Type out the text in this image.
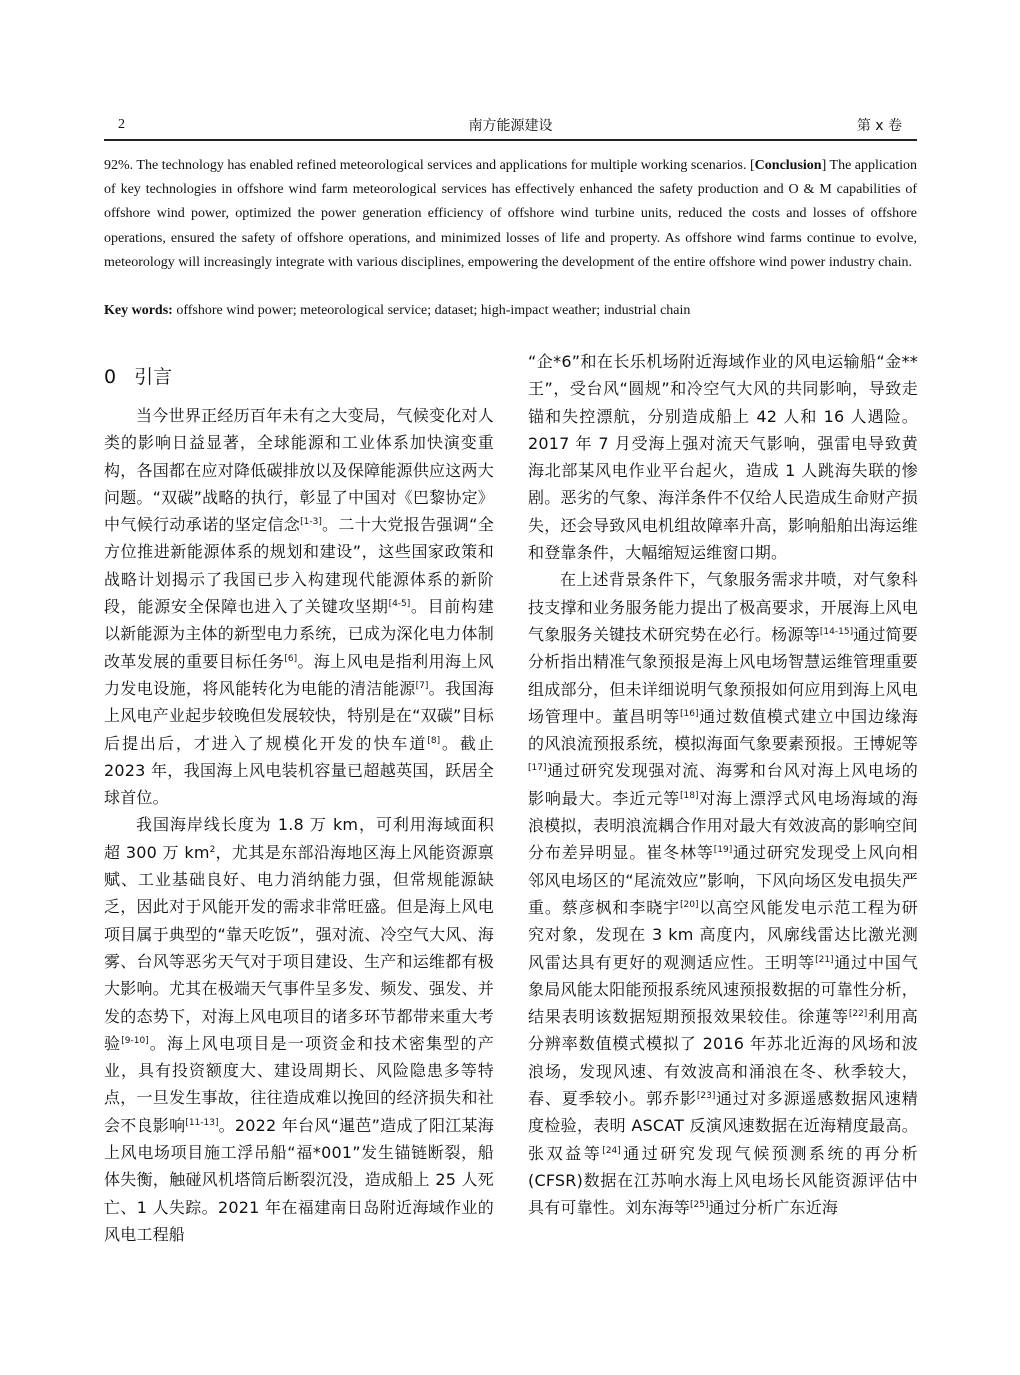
2	南方能源建设	第 x 卷
92%. The technology has enabled refined meteorological services and applications for multiple working scenarios. [Conclusion] The application of key technologies in offshore wind farm meteorological services has effectively enhanced the safety production and O & M capabilities of offshore wind power, optimized the power generation efficiency of offshore wind turbine units, reduced the costs and losses of offshore operations, ensured the safety of offshore operations, and minimized losses of life and property. As offshore wind farms continue to evolve, meteorology will increasingly integrate with various disciplines, empowering the development of the entire offshore wind power industry chain.
Key words: offshore wind power; meteorological service; dataset; high-impact weather; industrial chain
0 引言

当今世界正经历百年未有之大变局，气候变化对人类的影响日益显著，全球能源和工业体系加快演变重构，各国都在应对降低碳排放以及保障能源供应这两大问题。“双碳”战略的执行，彰显了中国对《巴黎协定》中气候行动承诺的坚定信念[1-3]。二十大党报告强调“全方位推进新能源体系的规划和建设”，这些国家政策和战略计划揭示了我国已步入构建现代能源体系的新阶段，能源安全保障也进入了关键攻坚期[4-5]。目前构建以新能源为主体的新型电力系统，已成为深化电力体制改革发展的重要目标任务[6]。海上风电是指利用海上风力发电设施，将风能转化为电能的清洁能源[7]。我国海上风电产业起步较晚但发展较快，特别是在“双碳”目标后提出后，才进入了规模化开发的快车道[8]。截止 2023 年，我国海上风电装机容量已超越英国，跃居全球首位。

我国海岸线长度为 1.8 万 km，可利用海域面积超 300 万 $km^2$，尤其是东部沿海地区海上风能资源禀赋、工业基础良好、电力消纳能力强，但常规能源缺乏，因此对于风能开发的需求非常旺盛。但是海上风电项目属于典型的“靠天吃饭”，强对流、冷空气大风、海雾、台风等恶劣天气对于项目建设、生产和运维都有极大影响。尤其在极端天气事件呈多发、频发、强发、并发的态势下，对海上风电项目的诸多环节都带来重大考验[9-10]。海上风电项目是一项资金和技术密集型的产业，具有投资额度大、建设周期长、风险隐患多等特点，一旦发生事故，往往造成难以挽回的经济损失和社会不良影响[11-13]。2022 年台风“暹芭”造成了阳江某海上风电场项目施工浮吊船“福*001”发生锚链断裂，船体失衡，触碰风机塔筒后断裂沉没，造成船上 25 人死亡、1 人失踪。2021 年在福建南日岛附近海域作业的风电工程船

“企*6”和在长乐机场附近海域作业的风电运输船“金**王”，受台风“圆规”和冷空气大风的共同影响，导致走锚和失控漂航，分别造成船上 42 人和 16 人遇险。2017 年 7 月受海上强对流天气影响，强雷电导致黄海北部某风电作业平台起火，造成 1 人跳海失联的惨剧。恶劣的气象、海洋条件不仅给人民造成生命财产损失，还会导致风电机组故障率升高，影响船舶出海运维和登靠条件，大幅缩短运维窗口期。

在上述背景条件下，气象服务需求井喷，对气象科技支撑和业务服务能力提出了极高要求，开展海上风电气象服务关键技术研究势在必行。杨源等[14-15]通过简要分析指出精准气象预报是海上风电场智慧运维管理重要组成部分，但未详细说明气象预报如何应用到海上风电场管理中。董昌明等[16]通过数值模式建立中国边缘海的风浪流预报系统，模拟海面气象要素预报。王博妮等[17]通过研究发现强对流、海雾和台风对海上风电场的影响最大。李近元等[18]对海上漂浮式风电场海域的海浪模拟，表明浪流耦合作用对最大有效波高的影响空间分布差异明显。崔冬林等[19]通过研究发现受上风向相邻风电场区的“尾流效应”影响，下风向场区发电损失严重。蔡彦枫和李晓宇[20]以高空风能发电示范工程为研究对象，发现在 3 km 高度内，风廓线雷达比激光测风雷达具有更好的观测适应性。王明等[21]通过中国气象局风能太阳能预报系统风速预报数据的可靠性分析，结果表明该数据短期预报效果较佳。徐蓮等[22]利用高分辨率数值模式模拟了 2016 年苏北近海的风场和波浪场，发现风速、有效波高和涌浪在冬、秋季较大，春、夏季较小。郭乔影[23]通过对多源遥感数据风速精度检验，表明 ASCAT 反演风速数据在近海精度最高。张双益等[24]通过研究发现气候预测系统的再分析(CFSR)数据在江苏响水海上风电场长风能资源评估中具有可靠性。刘东海等[25]通过分析广东近海
